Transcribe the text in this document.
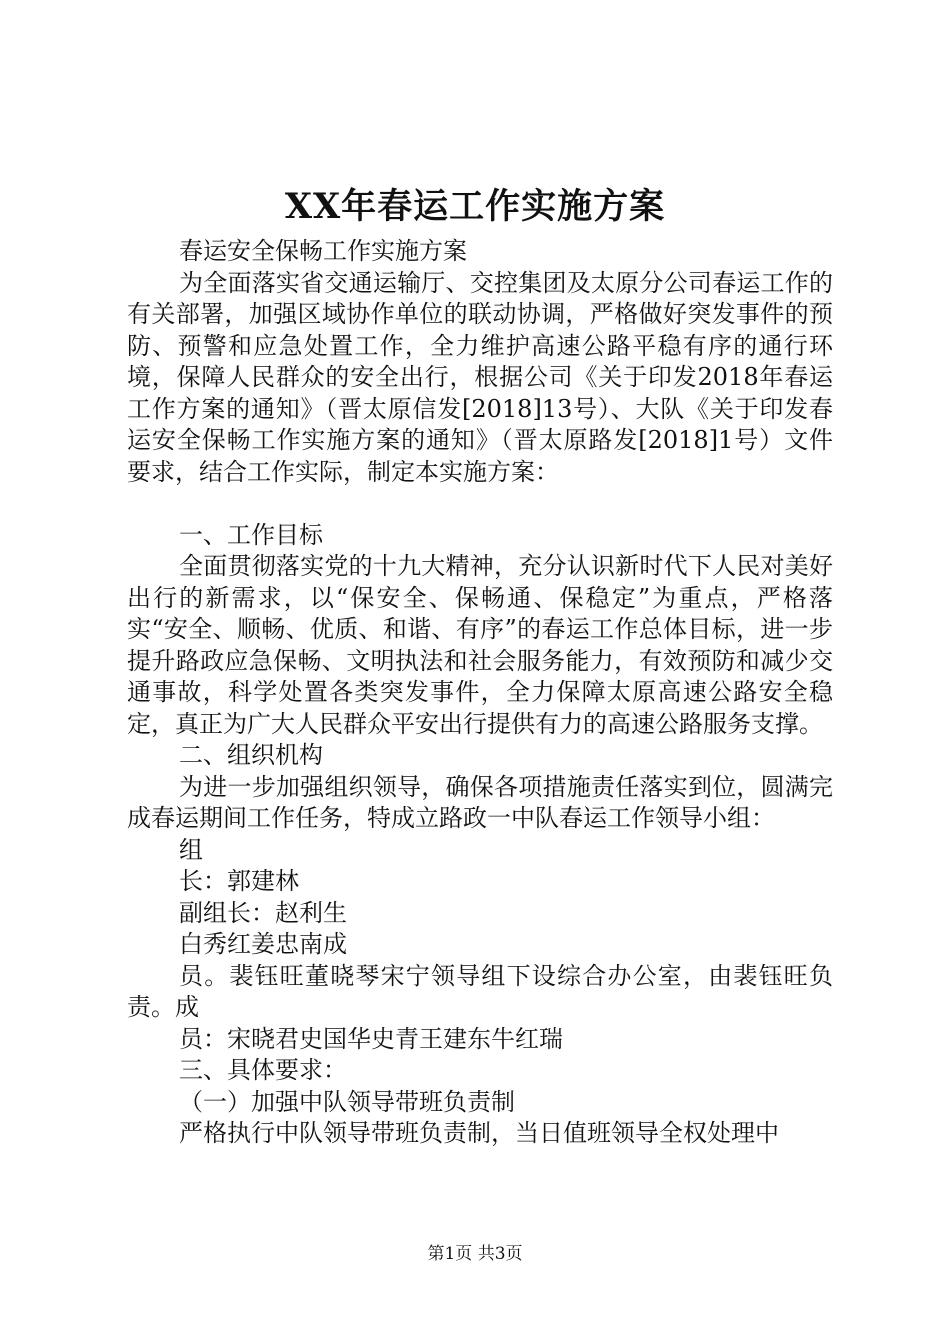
XX年春运工作实施方案

春运安全保畅工作实施方案

为全面落实省交通运输厅、交控集团及太原分公司春运工作的有关部署，加强区域协作单位的联动协调，严格做好突发事件的预防、预警和应急处置工作，全力维护高速公路平稳有序的通行环境，保障人民群众的安全出行，根据公司《关于印发2018年春运工作方案的通知》（晋太原信发[2018]13号）、大队《关于印发春运安全保畅工作实施方案的通知》（晋太原路发[2018]1号）文件要求，结合工作实际，制定本实施方案：

一、工作目标

全面贯彻落实党的十九大精神，充分认识新时代下人民对美好出行的新需求，以“保安全、保畅通、保稳定”为重点，严格落实“安全、顺畅、优质、和谐、有序”的春运工作总体目标，进一步提升路政应急保畅、文明执法和社会服务能力，有效预防和减少交通事故，科学处置各类突发事件，全力保障太原高速公路安全稳定，真正为广大人民群众平安出行提供有力的高速公路服务支撑。

二、组织机构

为进一步加强组织领导，确保各项措施责任落实到位，圆满完成春运期间工作任务，特成立路政一中队春运工作领导小组：

组

长：郭建林

副组长：赵利生

白秀红姜忠南成

员。裴钰旺董晓琴宋宁领导组下设综合办公室，由裴钰旺负责。成

员：宋晓君史国华史青王建东牛红瑞

三、具体要求：

（一）加强中队领导带班负责制

严格执行中队领导带班负责制，当日值班领导全权处理中

第1页 共3页
